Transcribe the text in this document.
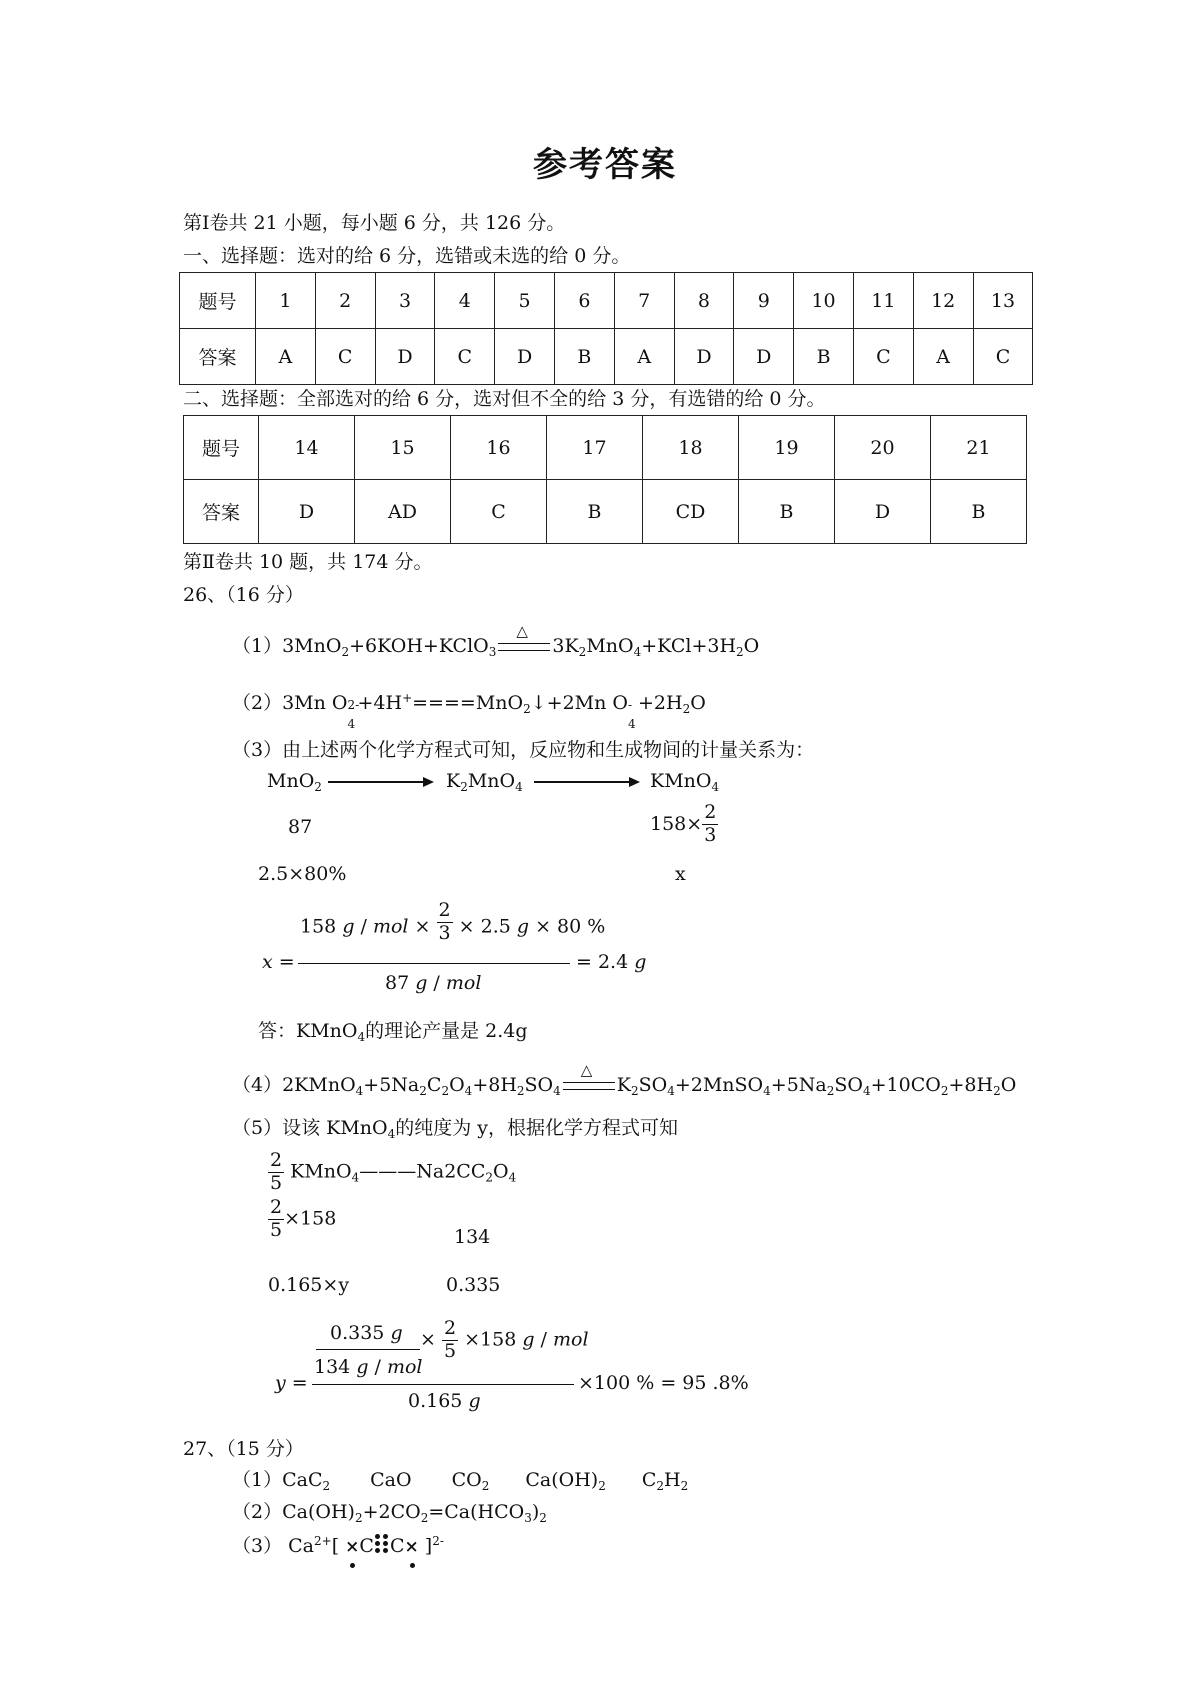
参考答案
第Ⅰ卷共 21 小题，每小题 6 分，共 126 分。
一、选择题：选对的给 6 分，选错或未选的给 0 分。
题号	1	2	3	4	5	6	7	8	9	10	11	12	13
答案	A	C	D	C	D	B	A	D	D	B	C	A	C
二、选择题：全部选对的给 6 分，选对但不全的给 3 分，有选错的给 0 分。
题号	14	15	16	17	18	19	20	21
答案	D	AD	C	B	CD	B	D	B
第Ⅱ卷共 10 题，共 174 分。
26、（16 分）
（1）3MnO$_2$+6KOH+KClO$_3$
△
$3K_2MnO_4+KCl+3H_2O$
（2）3Mn O 2-
4
+4H+====MnO$_2$↓+2Mn O -
4
$+2H_2O$
（3）由上述两个化学方程式可知，反应物和生成物间的计量关系为：
MnO$_2$	$K_2MnO_4$	KMnO$_4$
87	$158\times \frac{2}{3}$
2.5×80%	x
x =
158 g / mol × $\frac{2}{3} \times 2.5$ g × 80 %
87 g / mol
= 2.4 g
答：KMnO$_4$的理论产量是 2.4g
$(4)2KMnO_4+5Na_2C_2O_4+8H_2SO_4$
△
$K_2SO_4+2MnSO_4+5Na_2SO_4+10CO_2+8H_2O$
（5）设该 KMnO$_4$的纯度为 y，根据化学方程式可知
$\frac{2}{5}$ $KMnO_4———Na2CC_2O_4$
$\frac{2}{5} \times 158$
134
0.165×y	0.335
y =
0.335 g
134 g / mol
× $\frac{2}{5} \times 158$ g / mol
0.165 g
×100 % = 95 .8%
27、（15 分）
（1）CaC$_2$ CaO $CO_2$ $Ca(OH)_2$ $C_2H_2$
$(2)Ca(OH)_2+2CO_2=Ca(HCO_3)_2$
（3） $Ca^{2+}[ \times C$ C× ]$^{2-}$
